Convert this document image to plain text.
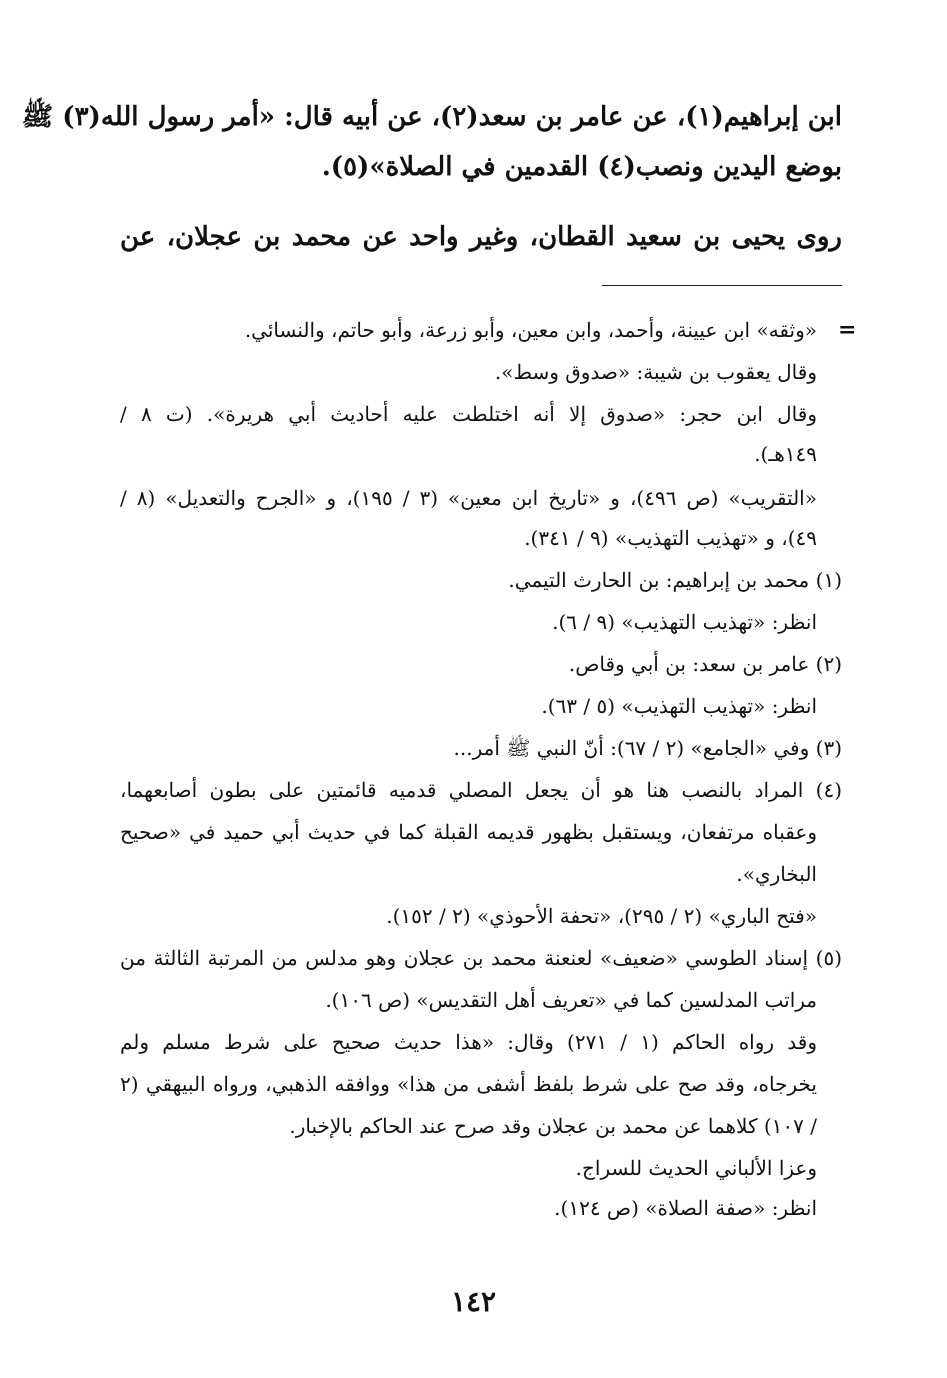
ابن إبراهيم(١)، عن عامر بن سعد(٢)، عن أبيه قال: «أمر رسول الله(٣) ﷺ
بوضع اليدين ونصب(٤) القدمين في الصلاة»(٥).
روى يحيى بن سعيد القطان، وغير واحد عن محمد بن عجلان، عن
=
«وثقه» ابن عيينة، وأحمد، وابن معين، وأبو زرعة، وأبو حاتم، والنسائي.
وقال يعقوب بن شيبة: «صدوق وسط».
وقال ابن حجر: «صدوق إلا أنه اختلطت عليه أحاديث أبي هريرة». (ت ٨ /
١٤٩هـ).
«التقريب» (ص ٤٩٦)، و «تاريخ ابن معين» (٣ / ١٩٥)، و «الجرح والتعديل» (٨ /
٤٩)، و «تهذيب التهذيب» (٩ / ٣٤١).
(١) محمد بن إبراهيم: بن الحارث التيمي.
انظر: «تهذيب التهذيب» (٩ / ٦).
(٢) عامر بن سعد: بن أبي وقاص.
انظر: «تهذيب التهذيب» (٥ / ٦٣).
(٣) وفي «الجامع» (٢ / ٦٧): أنّ النبي ﷺ أمر...
(٤) المراد بالنصب هنا هو أن يجعل المصلي قدميه قائمتين على بطون أصابعهما،
وعقباه مرتفعان، ويستقبل بظهور قديمه القبلة كما في حديث أبي حميد في «صحيح
البخاري».
«فتح الباري» (٢ / ٢٩٥)، «تحفة الأحوذي» (٢ / ١٥٢).
(٥) إسناد الطوسي «ضعيف» لعنعنة محمد بن عجلان وهو مدلس من المرتبة الثالثة من
مراتب المدلسين كما في «تعريف أهل التقديس» (ص ١٠٦).
وقد رواه الحاكم (١ / ٢٧١) وقال: «هذا حديث صحيح على شرط مسلم ولم
يخرجاه، وقد صح على شرط بلفظ أشفى من هذا» ووافقه الذهبي، ورواه البيهقي (٢
/ ١٠٧) كلاهما عن محمد بن عجلان وقد صرح عند الحاكم بالإخبار.
وعزا الألباني الحديث للسراج.
انظر: «صفة الصلاة» (ص ١٢٤).
١٤٢
